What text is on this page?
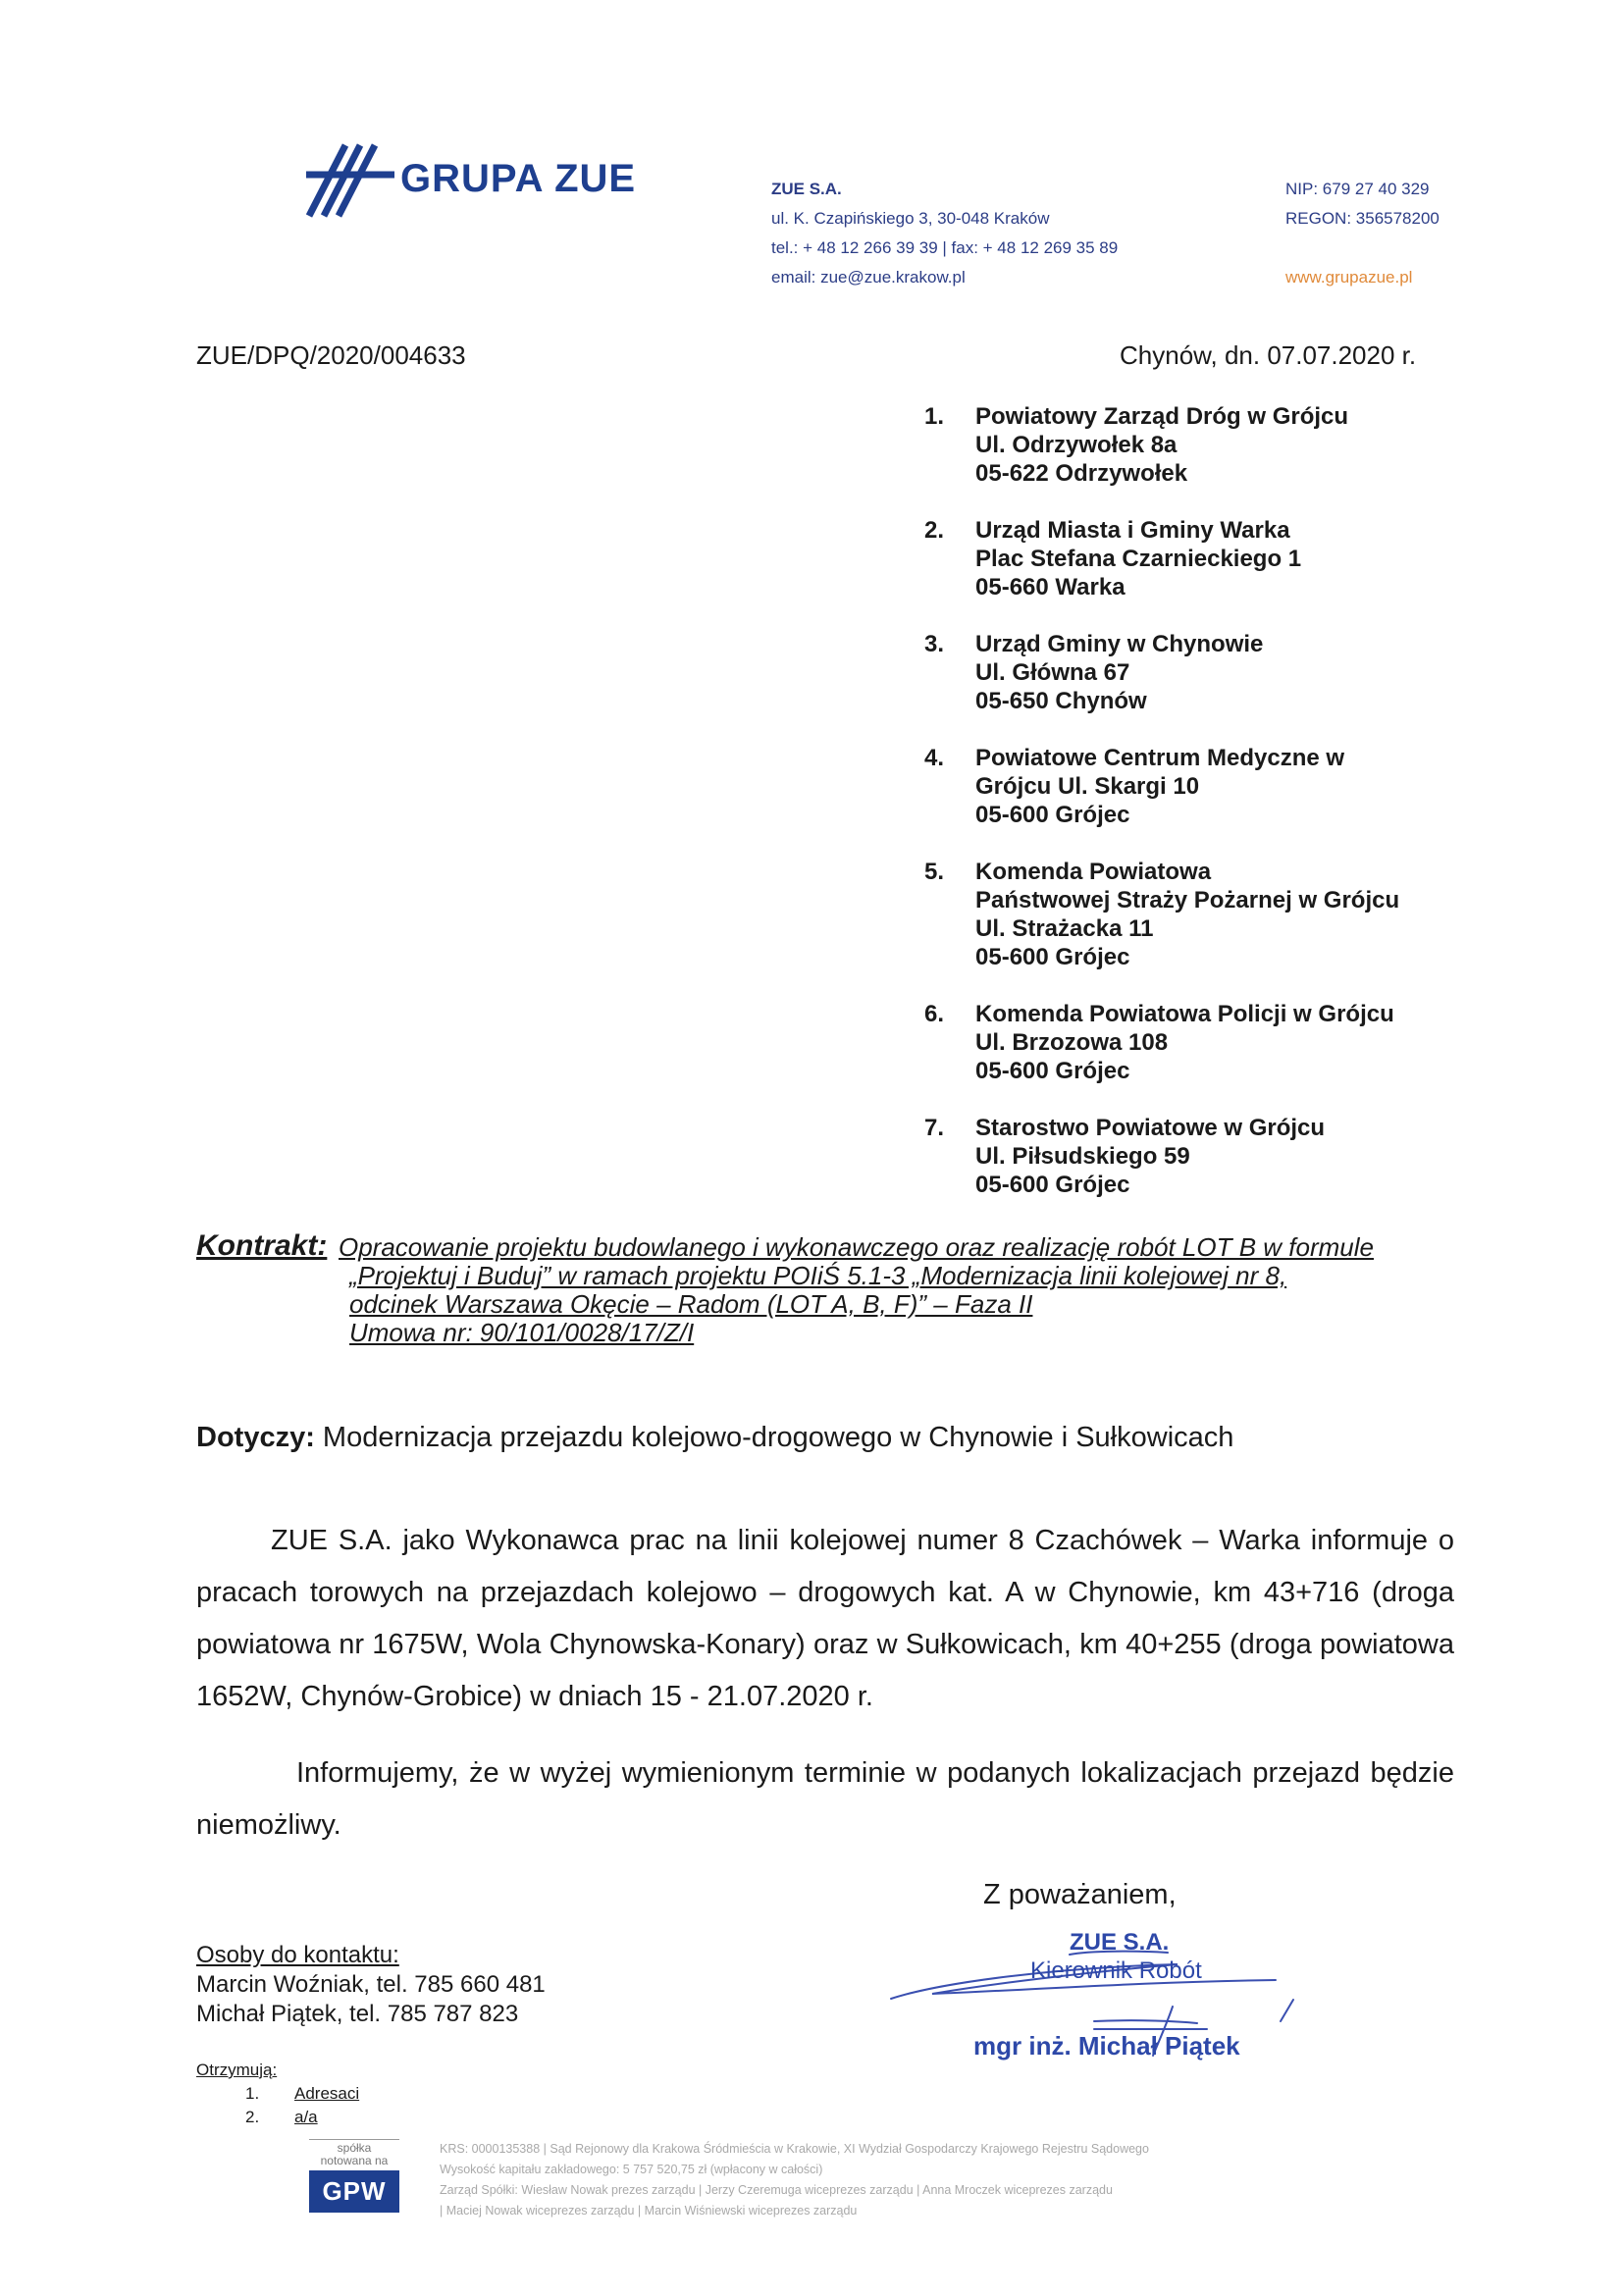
GRUPA ZUE	ZUE S.A.
ul. K. Czapińskiego 3, 30-048 Kraków
tel.: + 48 12 266 39 39 | fax: + 48 12 269 35 89
email: zue@zue.krakow.pl
NIP: 679 27 40 329
REGON: 356578200

www.grupazue.pl
ZUE/DPQ/2020/004633	Chynów, dn. 07.07.2020 r.
1. Powiatowy Zarząd Dróg w Grójcu
Ul. Odrzywołek 8a
05-622 Odrzywołek
2. Urząd Miasta i Gminy Warka
Plac Stefana Czarnieckiego 1
05-660 Warka
3. Urząd Gminy w Chynowie
Ul. Główna 67
05-650 Chynów
4. Powiatowe Centrum Medyczne w
Grójcu Ul. Skargi 10
05-600 Grójec
5. Komenda Powiatowa
Państwowej Straży Pożarnej w Grójcu
Ul. Strażacka 11
05-600 Grójec
6. Komenda Powiatowa Policji w Grójcu
Ul. Brzozowa 108
05-600 Grójec
7. Starostwo Powiatowe w Grójcu
Ul. Piłsudskiego 59
05-600 Grójec
Kontrakt: Opracowanie projektu budowlanego i wykonawczego oraz realizację robót LOT B w formule
„Projektuj i Buduj” w ramach projektu POIiŚ 5.1-3 „Modernizacja linii kolejowej nr 8,
odcinek Warszawa Okęcie – Radom (LOT A, B, F)” – Faza II
Umowa nr: 90/101/0028/17/Z/I
Dotyczy: Modernizacja przejazdu kolejowo-drogowego w Chynowie i Sułkowicach
ZUE S.A. jako Wykonawca prac na linii kolejowej numer 8 Czachówek – Warka informuje o pracach torowych na przejazdach kolejowo – drogowych kat. A w Chynowie, km 43+716 (droga powiatowa nr 1675W, Wola Chynowska-Konary) oraz w Sułkowicach, km 40+255 (droga powiatowa 1652W, Chynów-Grobice) w dniach 15 - 21.07.2020 r.
Informujemy, że w wyżej wymienionym terminie w podanych lokalizacjach przejazd będzie niemożliwy.
Z poważaniem,
ZUE S.A.
Kierownik Robót
mgr inż. Michał Piątek
Osoby do kontaktu:
Marcin Woźniak, tel. 785 660 481
Michał Piątek, tel. 785 787 823
Otrzymują:
1. Adresaci
2. a/a
spółka
notowana na
GPW
KRS: 0000135388 | Sąd Rejonowy dla Krakowa Śródmieścia w Krakowie, XI Wydział Gospodarczy Krajowego Rejestru Sądowego
Wysokość kapitału zakładowego: 5 757 520,75 zł (wpłacony w całości)
Zarząd Spółki: Wiesław Nowak prezes zarządu | Jerzy Czeremuga wiceprezes zarządu | Anna Mroczek wiceprezes zarządu
| Maciej Nowak wiceprezes zarządu | Marcin Wiśniewski wiceprezes zarządu
